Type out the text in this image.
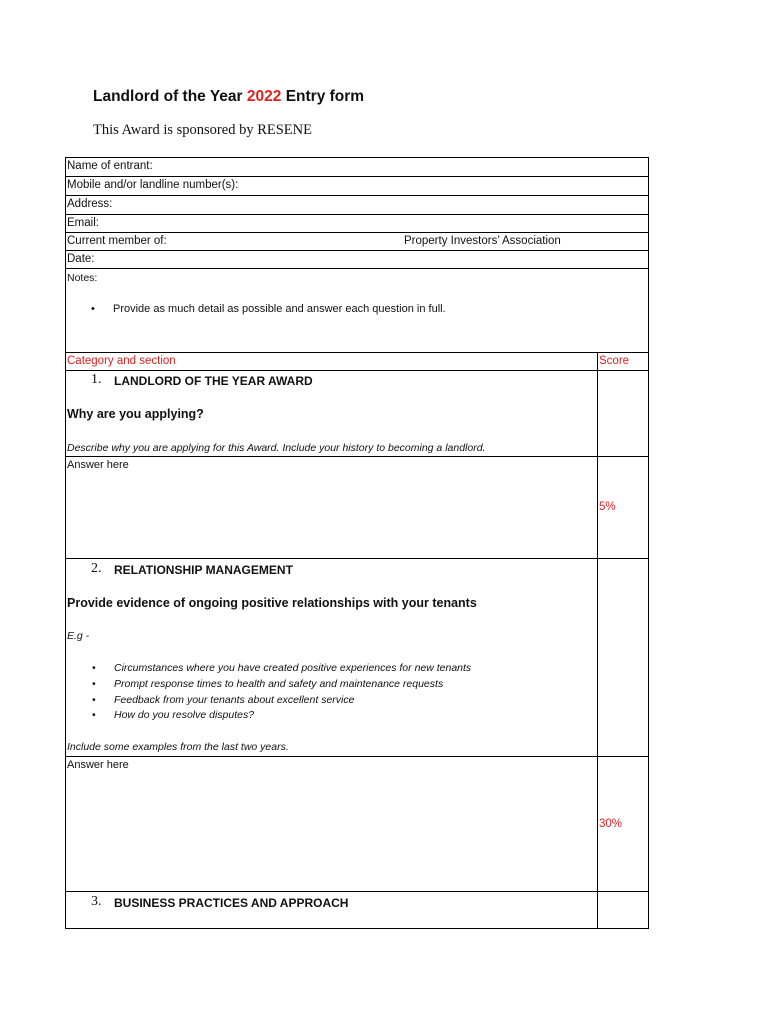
Landlord of the Year 2022 Entry form
This Award is sponsored by RESENE
Name of entrant:
Mobile and/or landline number(s):
Address:
Email:
Current member of:	Property Investors’ Association
Date:
Notes:
• Provide as much detail as possible and answer each question in full.
Category and section	Score
1. LANDLORD OF THE YEAR AWARD
Why are you applying?
Describe why you are applying for this Award. Include your history to becoming a landlord.
Answer here
5%
2. RELATIONSHIP MANAGEMENT
Provide evidence of ongoing positive relationships with your tenants
E.g -
• Circumstances where you have created positive experiences for new tenants
• Prompt response times to health and safety and maintenance requests
• Feedback from your tenants about excellent service
• How do you resolve disputes?
Include some examples from the last two years.
Answer here
30%
3. BUSINESS PRACTICES AND APPROACH
